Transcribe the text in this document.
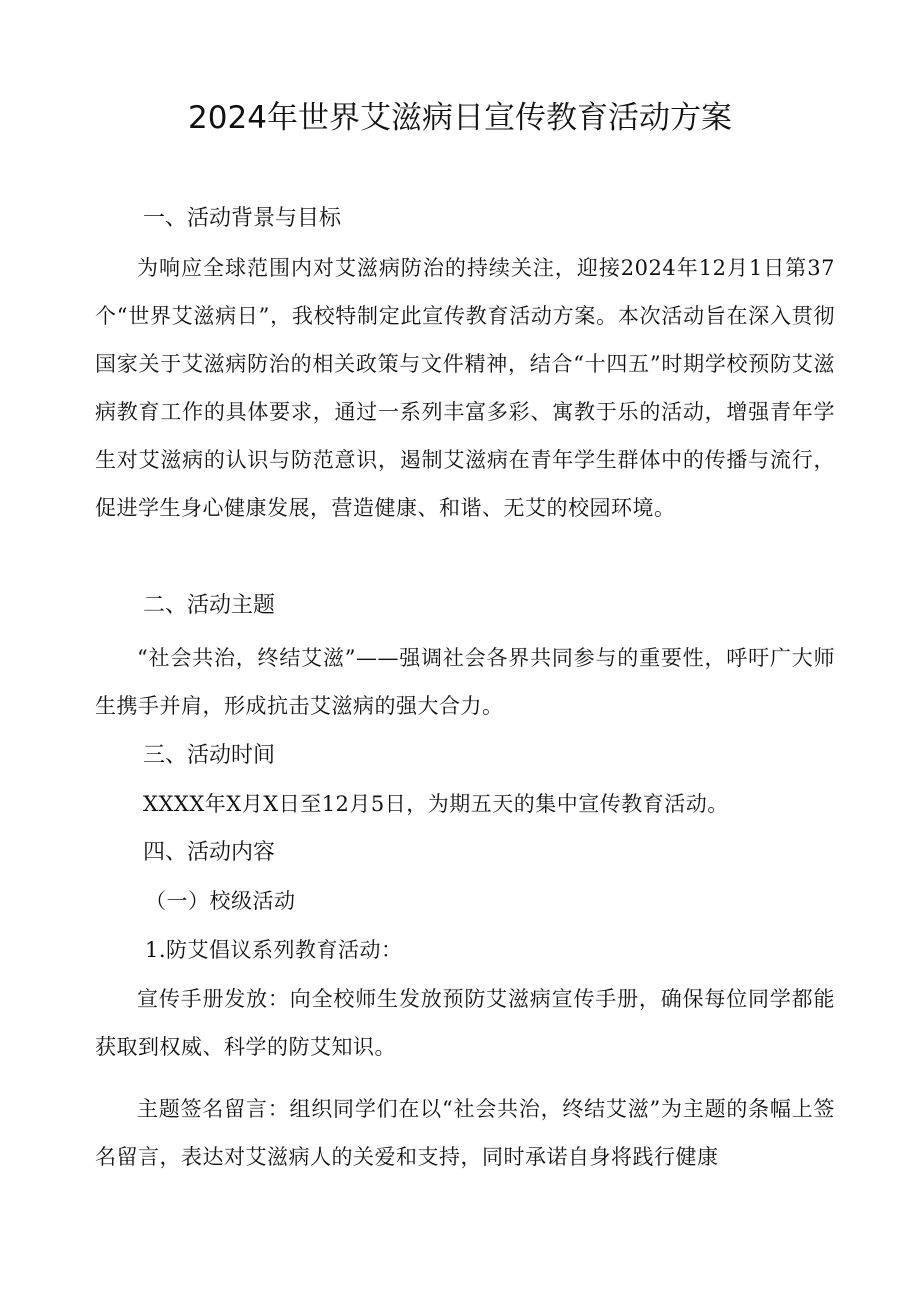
2024年世界艾滋病日宣传教育活动方案
一、活动背景与目标
为响应全球范围内对艾滋病防治的持续关注，迎接2024年12月1日第37个“世界艾滋病日”，我校特制定此宣传教育活动方案。本次活动旨在深入贯彻国家关于艾滋病防治的相关政策与文件精神，结合“十四五”时期学校预防艾滋病教育工作的具体要求，通过一系列丰富多彩、寓教于乐的活动，增强青年学生对艾滋病的认识与防范意识，遏制艾滋病在青年学生群体中的传播与流行，促进学生身心健康发展，营造健康、和谐、无艾的校园环境。
二、活动主题
“社会共治，终结艾滋”——强调社会各界共同参与的重要性，呼吁广大师生携手并肩，形成抗击艾滋病的强大合力。
三、活动时间
XXXX年X月X日至12月5日，为期五天的集中宣传教育活动。
四、活动内容
（一）校级活动
1.防艾倡议系列教育活动：
宣传手册发放：向全校师生发放预防艾滋病宣传手册，确保每位同学都能获取到权威、科学的防艾知识。
主题签名留言：组织同学们在以“社会共治，终结艾滋”为主题的条幅上签名留言，表达对艾滋病人的关爱和支持，同时承诺自身将践行健康
